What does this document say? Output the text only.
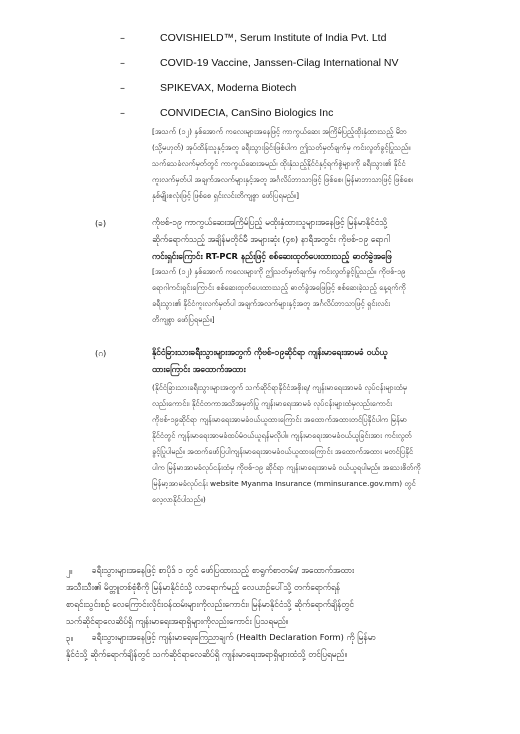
–	COVISHIELD™, Serum Institute of India Pvt. Ltd
–	COVID-19 Vaccine, Janssen-Cilag International NV
–	SPIKEVAX, Moderna Biotech
–	CONVIDECIA, CanSino Biologics Inc
[အသက် (၁၂) နှစ်အောက် ကလေးများအနေဖြင့် ကာကွယ်ဆေး အကြိမ်ပြည့်ထိုးနှံထားသည့် မိဘ
(သို့မဟုတ်) အုပ်ထိန်းသူနှင့်အတူ ခရီးသွားခြင်းဖြစ်ပါက ဤသတ်မှတ်ချက်မှ ကင်းလွတ်ခွင့်ပြုသည်။
သက်သေခံလက်မှတ်တွင် ကာကွယ်ဆေးအမည်၊ ထိုးနှံသည့်နိုင်ငံနှင့်ရက်စွဲများကို ခရီးသွား၏ နိုင်ငံ
ကူးလက်မှတ်ပါ အချက်အလက်များနှင့်အတူ အင်္ဂလိပ်ဘာသာဖြင့် ဖြစ်စေ၊ မြန်မာဘာသာဖြင့် ဖြစ်စေ၊
နှစ်မျိုးစလုံးဖြင့် ဖြစ်စေ ရှင်းလင်းတိကျစွာ ဖော်ပြရမည်။]
(ခ)	ကိုဗစ်-၁၉ ကာကွယ်ဆေးအကြိမ်ပြည့် မထိုးနှံထားသူများအနေဖြင့် မြန်မာနိုင်ငံသို့
ဆိုက်ရောက်သည့် အချိန်မတိုင်မီ အများဆုံး (၄၈) နာရီအတွင်း ကိုဗစ်-၁၉ ရောဂါ
ကင်းရှင်းကြောင်း RT-PCR နည်းဖြင့် စစ်ဆေးထုတ်ပေးထားသည့် ဓာတ်ခွဲအဖြေ
[အသက် (၁၂) နှစ်အောက် ကလေးများကို ဤသတ်မှတ်ချက်မှ ကင်းလွတ်ခွင့်ပြုသည်။ ကိုဗစ်-၁၉
ရောဂါကင်းရှင်းကြောင်း စစ်ဆေးထုတ်ပေးထားသည့် ဓာတ်ခွဲအဖြေဖြင့် စစ်ဆေးခဲ့သည့် နေ့ရက်ကို
ခရီးသွား၏ နိုင်ငံကူးလက်မှတ်ပါ အချက်အလက်များနှင့်အတူ အင်္ဂလိပ်ဘာသာဖြင့် ရှင်းလင်း
တိကျစွာ ဖော်ပြရမည်။]
(ဂ)	နိုင်ငံခြားသားခရီးသွားများအတွက် ကိုဗစ်-၁၉ဆိုင်ရာ ကျန်းမာရေးအာမခံ ဝယ်ယူ
ထားကြောင်း အထောက်အထား
(နိုင်ငံခြားသားခရီးသွားများအတွက် သက်ဆိုင်ရာနိုင်ငံအစိုးရ/ ကျန်းမာရေးအာမခံ လုပ်ငန်းများထံမှ
လည်းကောင်း၊ နိုင်ငံတကာအသိအမှတ်ပြု ကျန်းမာရေးအာမခံ လုပ်ငန်းများထံမှလည်းကောင်း
ကိုဗစ်-၁၉ဆိုင်ရာ ကျန်းမာရေးအာမခံဝယ်ယူထားကြောင်း အထောက်အထားတင်ပြနိုင်ပါက မြန်မာ
နိုင်ငံတွင် ကျန်းမာရေးအာမခံထပ်မံဝယ်ယူရန်မလိုပါ။ ကျန်းမာရေးအာမခံဝယ်ယူခြင်းအား ကင်းလွတ်
ခွင့်ပြုပါမည်။ အထက်ဖော်ပြပါကျန်းမာရေးအာမခံဝယ်ယူထားကြောင်း အထောက်အထား မတင်ပြနိုင်
ပါက မြန်မာအာမခံလုပ်ငန်းထံမှ ကိုဗစ်-၁၉ ဆိုင်ရာ ကျန်းမာရေးအာမခံ ဝယ်ယူရပါမည်။ အသေးစိတ်ကို
မြန်မာ့အာမခံလုပ်ငန်း website Myanma Insurance (mminsurance.gov.mm) တွင်
လေ့လာနိုင်ပါသည်။)
၂။	ခရီးသွားများအနေဖြင့် စာပိုဒ် ၁ တွင် ဖော်ပြထားသည့် စာရွက်စာတမ်း/ အထောက်အထား
အသီးသီး၏ မိတ္တူတစ်စုံစီကို မြန်မာနိုင်ငံသို့ လာရောက်မည့် လေယာဉ်ပေါ်သို့ တက်ရောက်ရန်
စာရင်းသွင်းစဉ် လေကြောင်းလိုင်းဝန်ထမ်းများကိုလည်းကောင်း၊ မြန်မာနိုင်ငံသို့ ဆိုက်ရောက်ချိန်တွင်
သက်ဆိုင်ရာလေဆိပ်ရှိ ကျန်းမာရေးအရာရှိများကိုလည်းကောင်း ပြသရမည်။
၃။	ခရီးသွားများအနေဖြင့် ကျန်းမာရေးကြေညာချက် (Health Declaration Form) ကို မြန်မာ
နိုင်ငံသို့ ဆိုက်ရောက်ချိန်တွင် သက်ဆိုင်ရာလေဆိပ်ရှိ ကျန်းမာရေးအရာရှိများထံသို့ တင်ပြရမည်။
